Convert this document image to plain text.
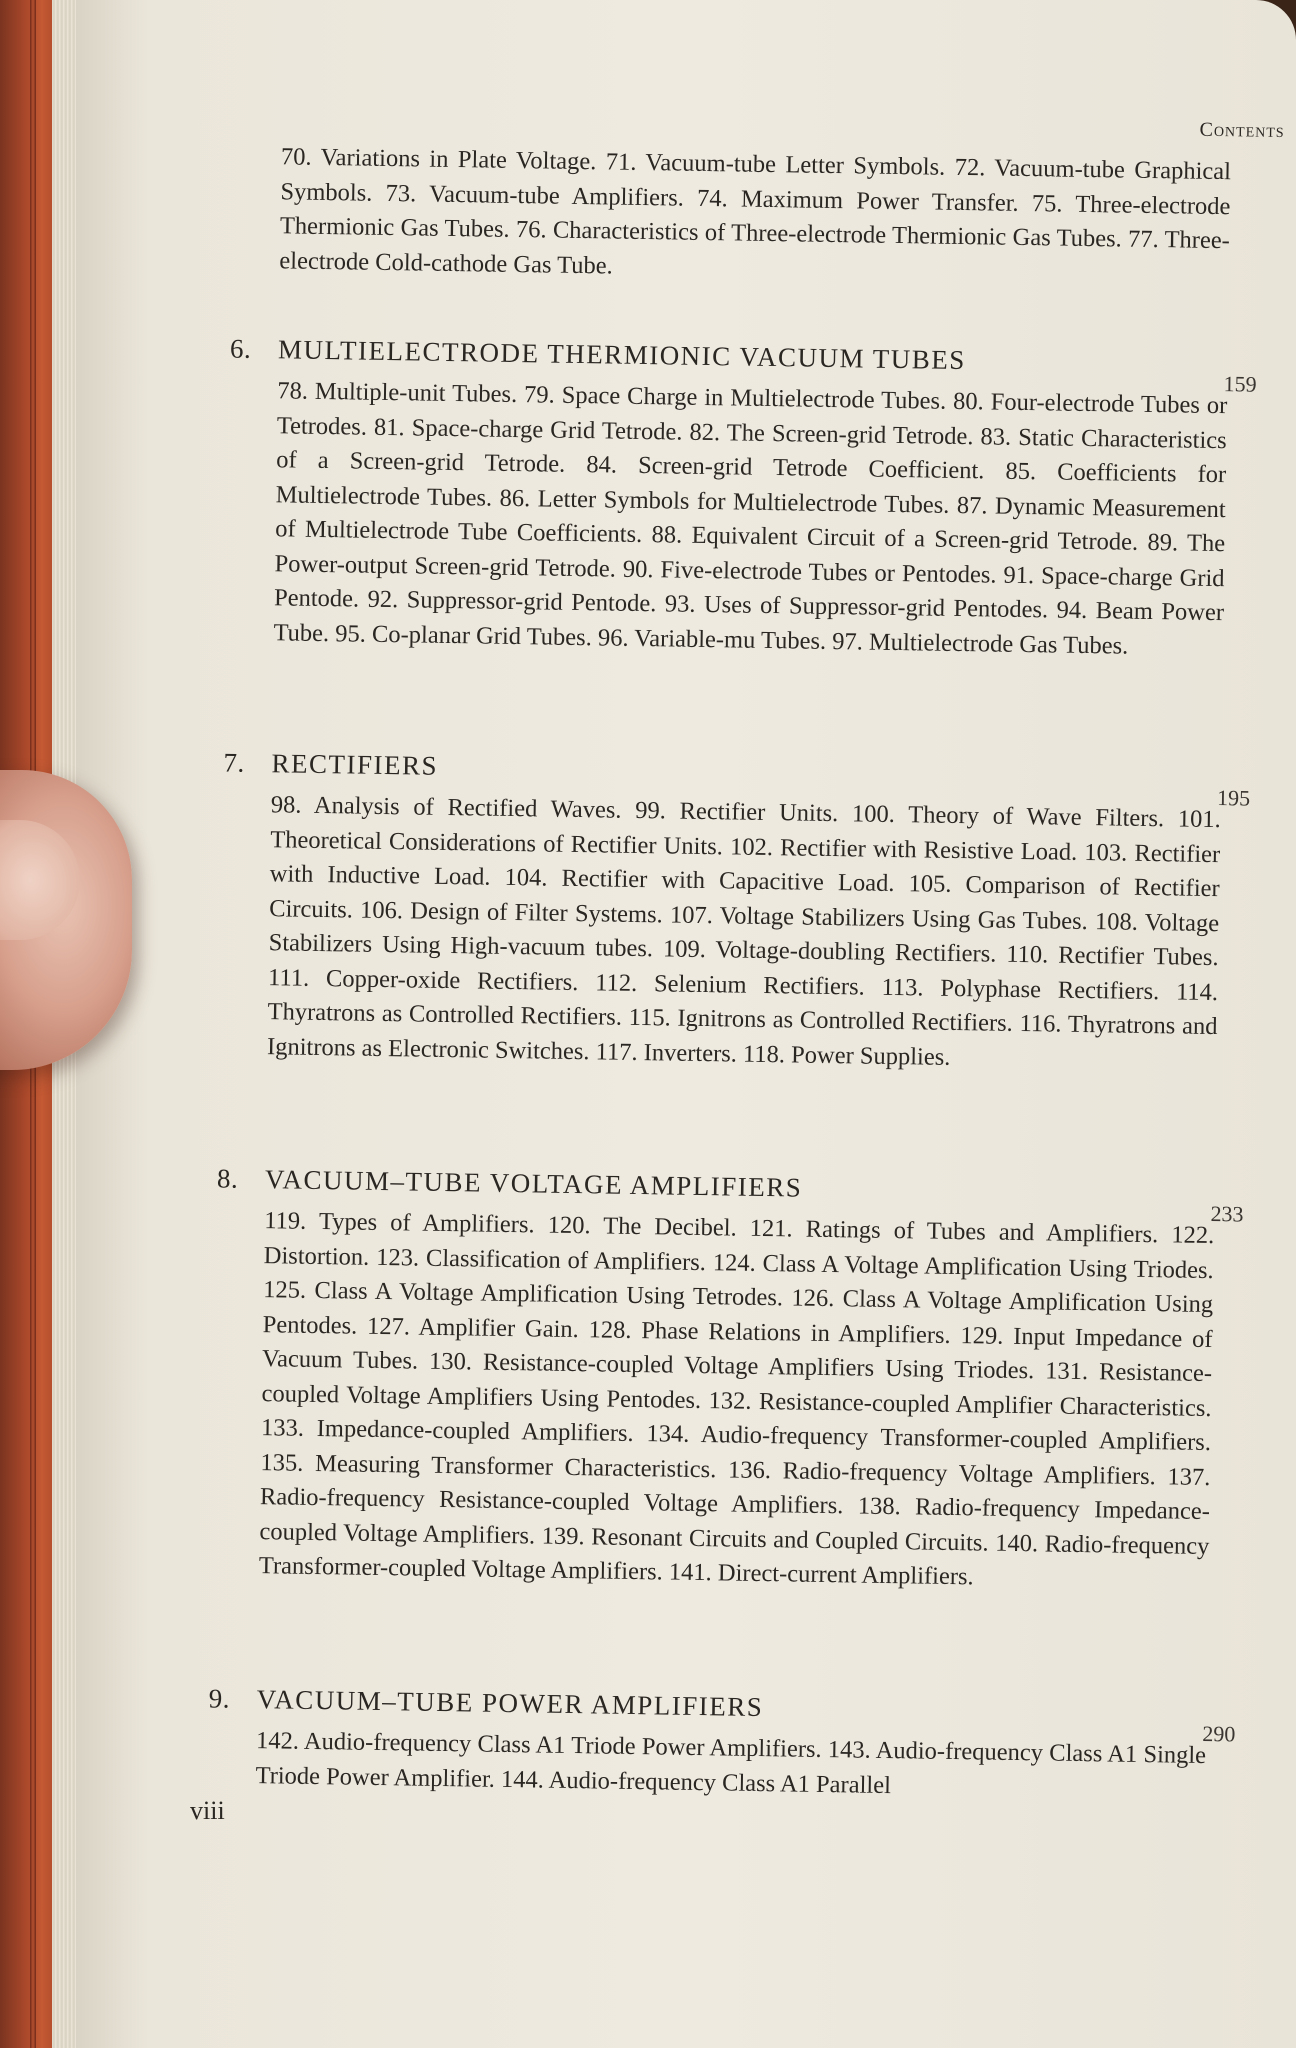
Contents

70. Variations in Plate Voltage. 71. Vacuum-tube Letter Symbols. 72. Vacuum-tube Graphical Symbols. 73. Vacuum-tube Amplifiers. 74. Maximum Power Transfer. 75. Three-electrode Thermionic Gas Tubes. 76. Characteristics of Three-electrode Thermionic Gas Tubes. 77. Three-electrode Cold-cathode Gas Tube.

6. MULTIELECTRODE THERMIONIC VACUUM TUBES
159

78. Multiple-unit Tubes. 79. Space Charge in Multielectrode Tubes. 80. Four-electrode Tubes or Tetrodes. 81. Space-charge Grid Tetrode. 82. The Screen-grid Tetrode. 83. Static Characteristics of a Screen-grid Tetrode. 84. Screen-grid Tetrode Coefficient. 85. Coefficients for Multielectrode Tubes. 86. Letter Symbols for Multielectrode Tubes. 87. Dynamic Measurement of Multielectrode Tube Coefficients. 88. Equivalent Circuit of a Screen-grid Tetrode. 89. The Power-output Screen-grid Tetrode. 90. Five-electrode Tubes or Pentodes. 91. Space-charge Grid Pentode. 92. Suppressor-grid Pentode. 93. Uses of Suppressor-grid Pentodes. 94. Beam Power Tube. 95. Co-planar Grid Tubes. 96. Variable-mu Tubes. 97. Multielectrode Gas Tubes.

7. RECTIFIERS
195

98. Analysis of Rectified Waves. 99. Rectifier Units. 100. Theory of Wave Filters. 101. Theoretical Considerations of Rectifier Units. 102. Rectifier with Resistive Load. 103. Rectifier with Inductive Load. 104. Rectifier with Capacitive Load. 105. Comparison of Rectifier Circuits. 106. Design of Filter Systems. 107. Voltage Stabilizers Using Gas Tubes. 108. Voltage Stabilizers Using High-vacuum tubes. 109. Voltage-doubling Rectifiers. 110. Rectifier Tubes. 111. Copper-oxide Rectifiers. 112. Selenium Rectifiers. 113. Polyphase Rectifiers. 114. Thyratrons as Controlled Rectifiers. 115. Ignitrons as Controlled Rectifiers. 116. Thyratrons and Ignitrons as Electronic Switches. 117. Inverters. 118. Power Supplies.

8. VACUUM–TUBE VOLTAGE AMPLIFIERS
233

119. Types of Amplifiers. 120. The Decibel. 121. Ratings of Tubes and Amplifiers. 122. Distortion. 123. Classification of Amplifiers. 124. Class A Voltage Amplification Using Triodes. 125. Class A Voltage Amplification Using Tetrodes. 126. Class A Voltage Amplification Using Pentodes. 127. Amplifier Gain. 128. Phase Relations in Amplifiers. 129. Input Impedance of Vacuum Tubes. 130. Resistance-coupled Voltage Amplifiers Using Triodes. 131. Resistance-coupled Voltage Amplifiers Using Pentodes. 132. Resistance-coupled Amplifier Characteristics. 133. Impedance-coupled Amplifiers. 134. Audio-frequency Transformer-coupled Amplifiers. 135. Measuring Transformer Characteristics. 136. Radio-frequency Voltage Amplifiers. 137. Radio-frequency Resistance-coupled Voltage Amplifiers. 138. Radio-frequency Impedance-coupled Voltage Amplifiers. 139. Resonant Circuits and Coupled Circuits. 140. Radio-frequency Transformer-coupled Voltage Amplifiers. 141. Direct-current Amplifiers.

9. VACUUM–TUBE POWER AMPLIFIERS
290

142. Audio-frequency Class A1 Triode Power Amplifiers. 143. Audio-frequency Class A1 Single Triode Power Amplifier. 144. Audio-frequency Class A1 Parallel

viii
